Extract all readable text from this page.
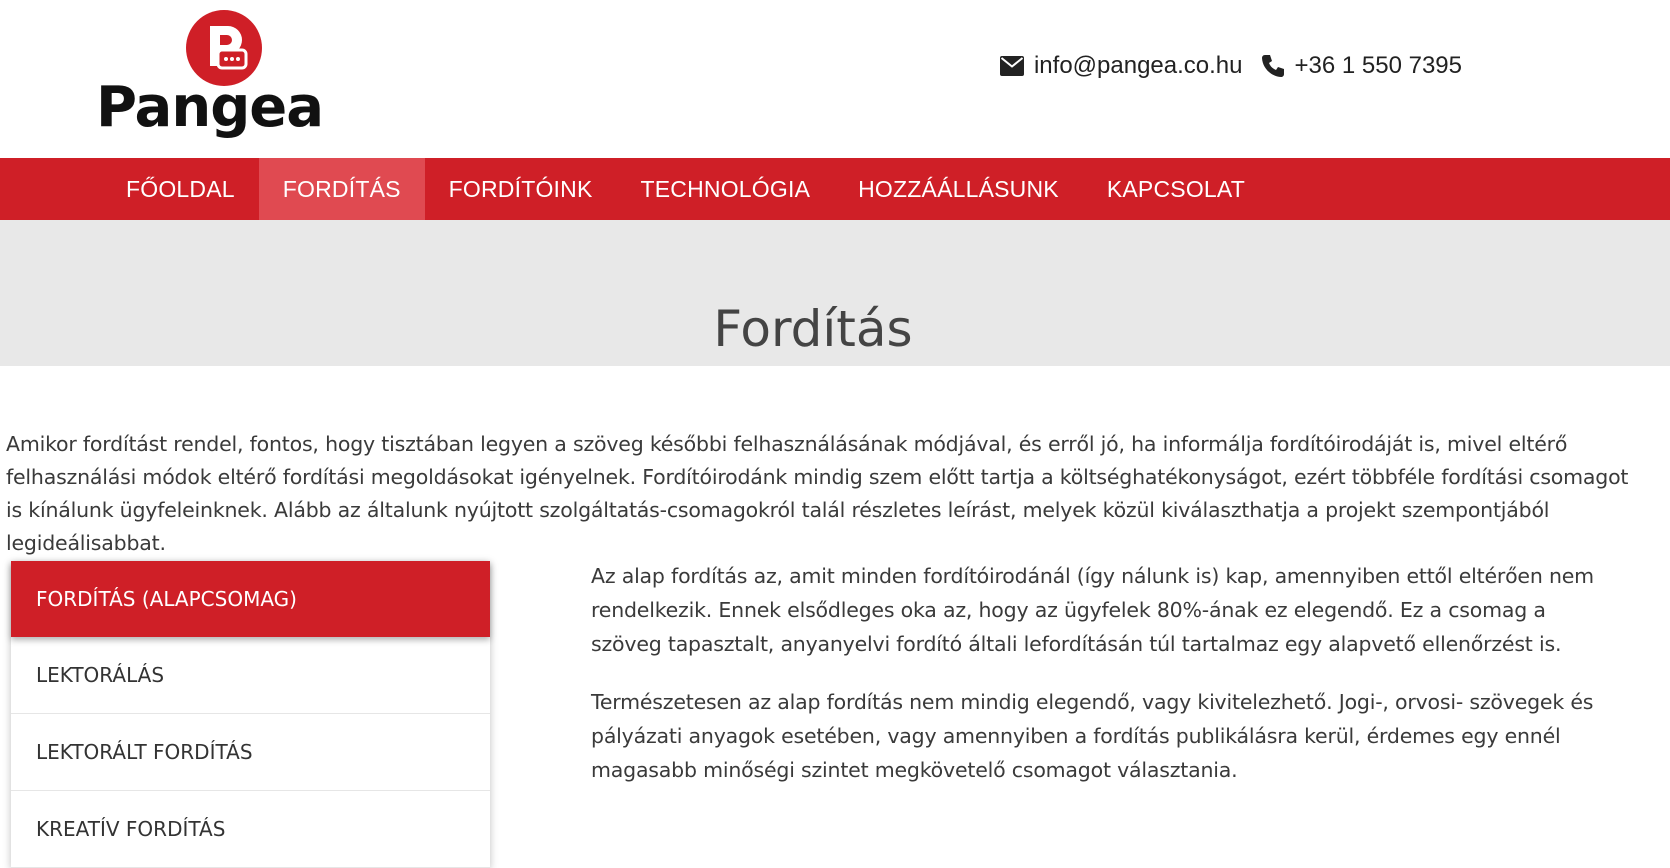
Pangea
info@pangea.co.hu +36 1 550 7395
FŐOLDAL	FORDÍTÁS	FORDÍTÓINK	TECHNOLÓGIA	HOZZÁÁLLÁSUNK	KAPCSOLAT
Fordítás
Amikor fordítást rendel, fontos, hogy tisztában legyen a szöveg későbbi felhasználásának módjával, és erről jó, ha informálja fordítóirodáját is, mivel eltérő felhasználási módok eltérő fordítási megoldásokat igényelnek. Fordítóirodánk mindig szem előtt tartja a költséghatékonyságot, ezért többféle fordítási csomagot is kínálunk ügyfeleinknek. Alább az általunk nyújtott szolgáltatás-csomagokról talál részletes leírást, melyek közül kiválaszthatja a projekt szempontjából legideálisabbat.
FORDÍTÁS (ALAPCSOMAG)
LEKTORÁLÁS
LEKTORÁLT FORDÍTÁS
KREATÍV FORDÍTÁS

Az alap fordítás az, amit minden fordítóirodánál (így nálunk is) kap, amennyiben ettől eltérően nem rendelkezik. Ennek elsődleges oka az, hogy az ügyfelek 80%-ának ez elegendő. Ez a csomag a szöveg tapasztalt, anyanyelvi fordító általi lefordításán túl tartalmaz egy alapvető ellenőrzést is.

Természetesen az alap fordítás nem mindig elegendő, vagy kivitelezhető. Jogi-, orvosi- szövegek és pályázati anyagok esetében, vagy amennyiben a fordítás publikálásra kerül, érdemes egy ennél magasabb minőségi szintet megkövetelő csomagot választania.
